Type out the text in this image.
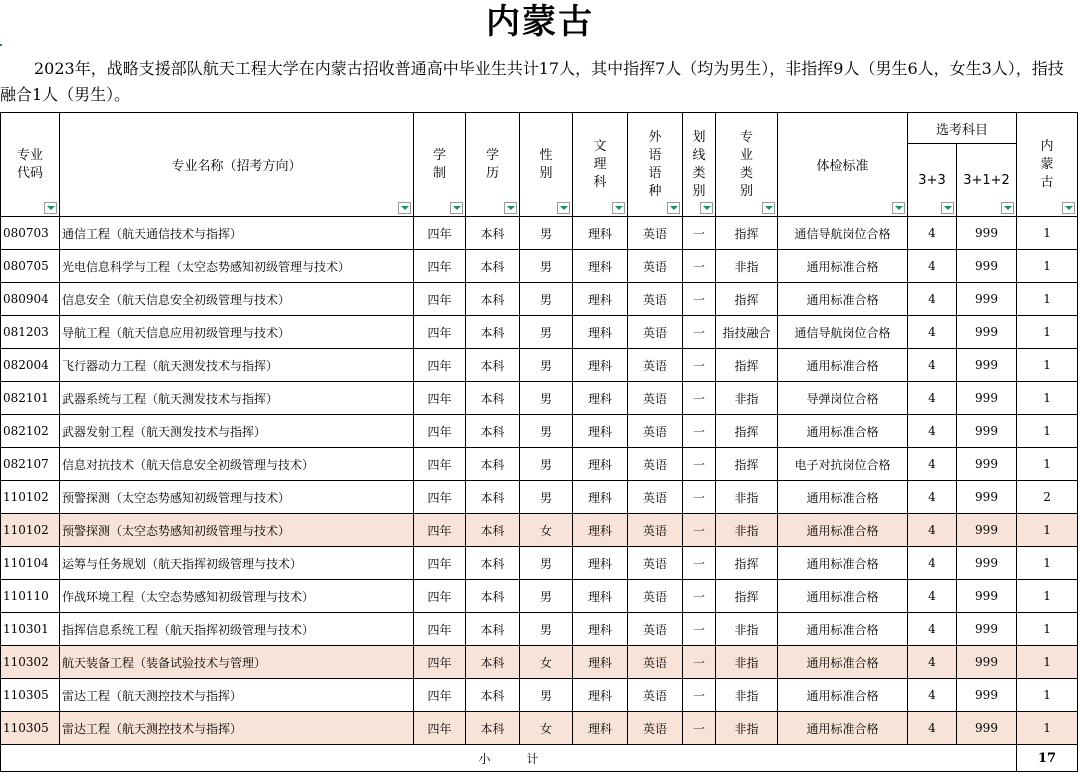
内蒙古
2023年，战略支援部队航天工程大学在内蒙古招收普通高中毕业生共计17人，其中指挥7人（均为男生），非指挥9人（男生6人，女生3人），指技融合1人（男生）。
专业代码	专业名称（招考方向）	学制	学历	性别	文理科	外语语种	划线类别	专业类别	体检标准	选考科目		内蒙古

										3+3	3+1+2	

080703	通信工程（航天通信技术与指挥）	四年	本科	男	理科	英语	一	指挥	通信导航岗位合格	4	999	1
080705	光电信息科学与工程（太空态势感知初级管理与技术）	四年	本科	男	理科	英语	一	非指	通用标准合格	4	999	1
080904	信息安全（航天信息安全初级管理与技术）	四年	本科	男	理科	英语	一	指挥	通用标准合格	4	999	1
081203	导航工程（航天信息应用初级管理与技术）	四年	本科	男	理科	英语	一	指技融合	通信导航岗位合格	4	999	1
082004	飞行器动力工程（航天测发技术与指挥）	四年	本科	男	理科	英语	一	指挥	通用标准合格	4	999	1
082101	武器系统与工程（航天测发技术与指挥）	四年	本科	男	理科	英语	一	非指	导弹岗位合格	4	999	1
082102	武器发射工程（航天测发技术与指挥）	四年	本科	男	理科	英语	一	指挥	通用标准合格	4	999	1
082107	信息对抗技术（航天信息安全初级管理与技术）	四年	本科	男	理科	英语	一	指挥	电子对抗岗位合格	4	999	1
110102	预警探测（太空态势感知初级管理与技术）	四年	本科	男	理科	英语	一	非指	通用标准合格	4	999	2
110102	预警探测（太空态势感知初级管理与技术）	四年	本科	女	理科	英语	一	非指	通用标准合格	4	999	1
110104	运筹与任务规划（航天指挥初级管理与技术）	四年	本科	男	理科	英语	一	指挥	通用标准合格	4	999	1
110110	作战环境工程（太空态势感知初级管理与技术）	四年	本科	男	理科	英语	一	指挥	通用标准合格	4	999	1
110301	指挥信息系统工程（航天指挥初级管理与技术）	四年	本科	男	理科	英语	一	非指	通用标准合格	4	999	1
110302	航天装备工程（装备试验技术与管理）	四年	本科	女	理科	英语	一	非指	通用标准合格	4	999	1
110305	雷达工程（航天测控技术与指挥）	四年	本科	男	理科	英语	一	非指	通用标准合格	4	999	1
110305	雷达工程（航天测控技术与指挥）	四年	本科	女	理科	英语	一	非指	通用标准合格	4	999	1
小　　　计												17
